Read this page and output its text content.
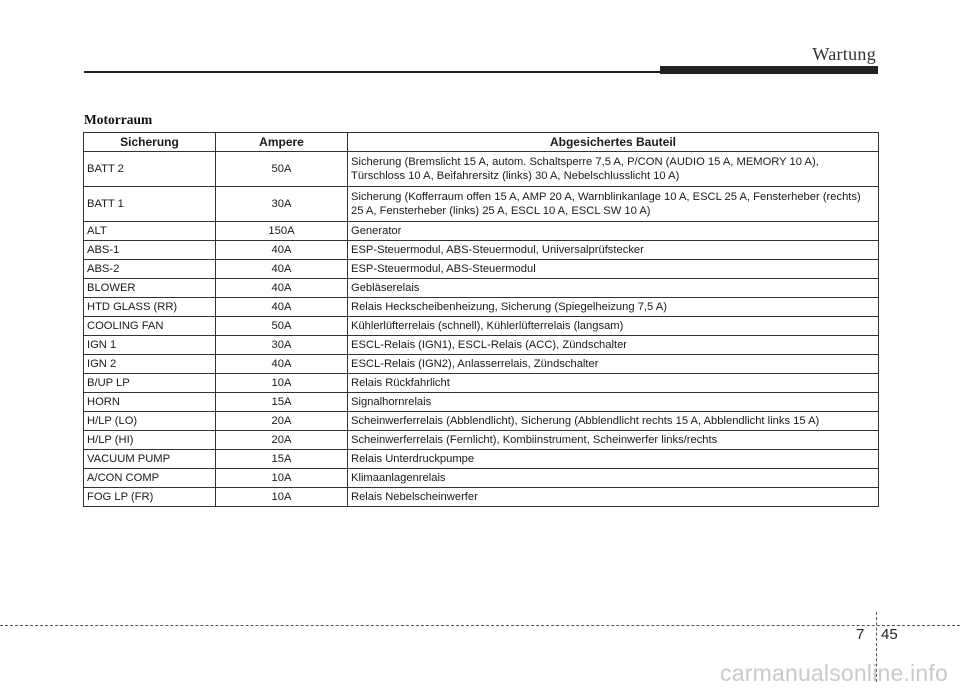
Wartung
Motorraum
Sicherung	Ampere	Abgesichertes Bauteil
BATT 2	50A	Sicherung (Bremslicht 15 A, autom. Schaltsperre 7,5 A, P/CON (AUDIO 15 A, MEMORY 10 A), Türschloss 10 A, Beifahrersitz (links) 30 A, Nebelschlusslicht 10 A)
BATT 1	30A	Sicherung (Kofferraum offen 15 A, AMP 20 A, Warnblinkanlage 10 A, ESCL 25 A, Fensterheber (rechts) 25 A, Fensterheber (links) 25 A, ESCL 10 A, ESCL SW 10 A)
ALT	150A	Generator
ABS-1	40A	ESP-Steuermodul, ABS-Steuermodul, Universalprüfstecker
ABS-2	40A	ESP-Steuermodul, ABS-Steuermodul
BLOWER	40A	Gebläserelais
HTD GLASS (RR)	40A	Relais Heckscheibenheizung, Sicherung (Spiegelheizung 7,5 A)
COOLING FAN	50A	Kühlerlüfterrelais (schnell), Kühlerlüfterrelais (langsam)
IGN 1	30A	ESCL-Relais (IGN1), ESCL-Relais (ACC), Zündschalter
IGN 2	40A	ESCL-Relais (IGN2), Anlasserrelais, Zündschalter
B/UP LP	10A	Relais Rückfahrlicht
HORN	15A	Signalhornrelais
H/LP (LO)	20A	Scheinwerferrelais (Abblendlicht), Sicherung (Abblendlicht rechts 15 A, Abblendlicht links 15 A)
H/LP (HI)	20A	Scheinwerferrelais (Fernlicht), Kombiinstrument, Scheinwerfer links/rechts
VACUUM PUMP	15A	Relais Unterdruckpumpe
A/CON COMP	10A	Klimaanlagenrelais
FOG LP (FR)	10A	Relais Nebelscheinwerfer
7 45
carmanualsonline.info
